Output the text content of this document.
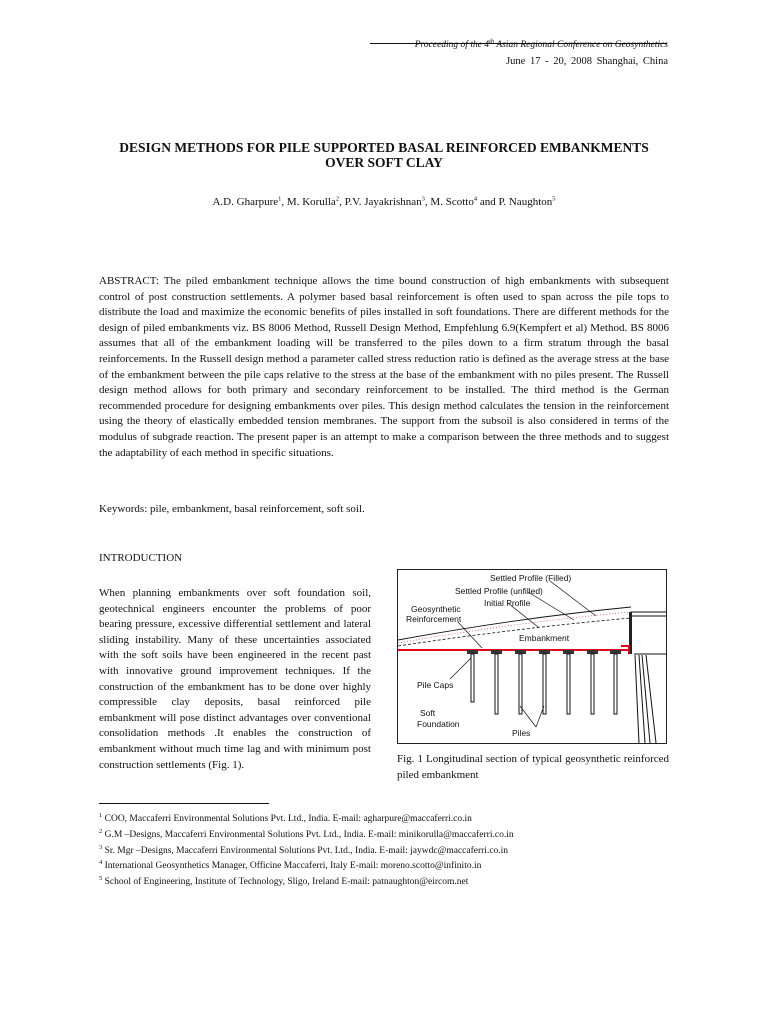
Proceeding of the 4th Asian Regional Conference on Geosynthetics
June 17 - 20, 2008 Shanghai, China
DESIGN METHODS FOR PILE SUPPORTED BASAL REINFORCED EMBANKMENTS
OVER SOFT CLAY
A.D. Gharpure$^1$, M. Korulla$^2$, P.V. Jayakrishnan$^3$, M. Scotto$^4$ and P. Naughton$^5$
ABSTRACT: The piled embankment technique allows the time bound construction of high embankments with subsequent control of post construction settlements. A polymer based basal reinforcement is often used to span across the pile tops to distribute the load and maximize the economic benefits of piles installed in soft foundations. There are different methods for the design of piled embankments viz. BS 8006 Method, Russell Design Method, Empfehlung 6.9(Kempfert et al) Method. BS 8006 assumes that all of the embankment loading will be transferred to the piles down to a firm stratum through the basal reinforcements. In the Russell design method a parameter called stress reduction ratio is defined as the average stress at the base of the embankment between the pile caps relative to the stress at the base of the embankment with no piles present. The Russell design method allows for both primary and secondary reinforcement to be installed. The third method is the German recommended procedure for designing embankments over piles. This design method calculates the tension in the reinforcement using the theory of elastically embedded tension membranes. The support from the subsoil is also considered in terms of the modulus of subgrade reaction. The present paper is an attempt to make a comparison between the three methods and to suggest the adaptability of each method in specific situations.
Keywords: pile, embankment, basal reinforcement, soft soil.
INTRODUCTION
When planning embankments over soft foundation soil, geotechnical engineers encounter the problems of poor bearing pressure, excessive differential settlement and lateral sliding instability. Many of these uncertainties associated with the soft soils have been engineered in the recent past with innovative ground improvement techniques. If the construction of the embankment has to be done over highly compressible clay deposits, basal reinforced pile embankment will pose distinct advantages over conventional consolidation methods .It enables the construction of embankment without much time lag and with minimum post construction settlements (Fig. 1).
Settled Profile (Filled)
Settled Profile (unfilled)
Initial Profile
Geosynthetic
Reinforcement
Embankment
Pile Caps
Soft
Foundation
Piles
Fig. 1 Longitudinal section of typical geosynthetic reinforced piled embankment
$^1$ COO, Maccaferri Environmental Solutions Pvt. Ltd., India. E-mail: agharpure@maccaferri.co.in
$^2$ G.M –Designs, Maccaferri Environmental Solutions Pvt. Ltd., India. E-mail: minikorulla@maccaferri.co.in
$^3$ Sr. Mgr –Designs, Maccaferri Environmental Solutions Pvt. Ltd., India. E-mail: jaywdc@maccaferri.co.in
$^4$ International Geosynthetics Manager, Officine Maccaferri, Italy E-mail: moreno.scotto@infinito.in
$^5$ School of Engineering, Institute of Technology, Sligo, Ireland E-mail: patnaughton@eircom.net
